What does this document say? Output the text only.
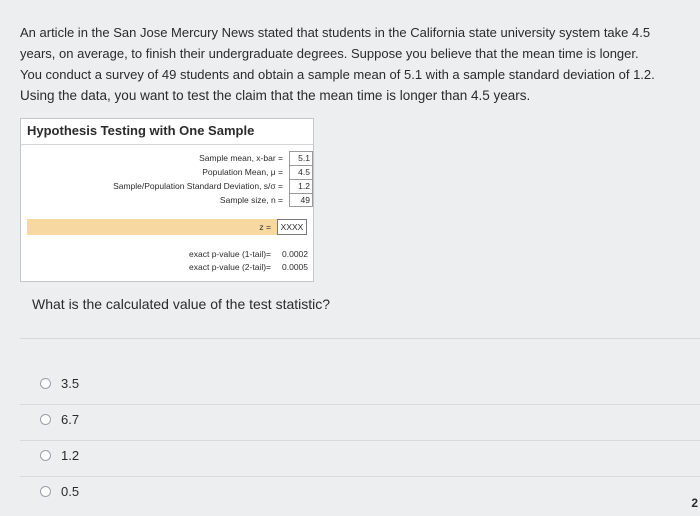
An article in the San Jose Mercury News stated that students in the California state university system take 4.5

years, on average, to finish their undergraduate degrees. Suppose you believe that the mean time is longer.

You conduct a survey of 49 students and obtain a sample mean of 5.1 with a sample standard deviation of 1.2.

Using the data, you want to test the claim that the mean time is longer than 4.5 years.
Hypothesis Testing with One Sample
Sample mean, x-bar =	5.1
Population Mean, μ =	4.5
Sample/Population Standard Deviation, s/σ =	1.2
Sample size, n =	49
z =	XXXX
exact p-value (1-tail)=	0.0002
exact p-value (2-tail)=	0.0005
What is the calculated value of the test statistic?
3.5
6.7
1.2
0.5
2
